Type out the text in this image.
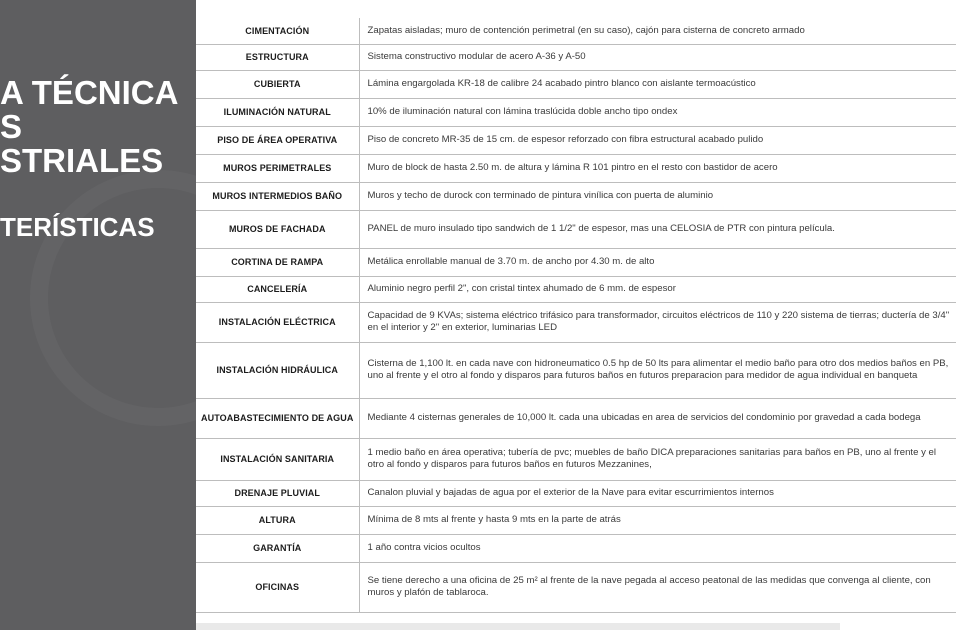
A TÉCNICA
S
STRIALES
TERÍSTICAS
CIMENTACIÓN	Zapatas aisladas; muro de contención perimetral (en su caso), cajón para cisterna de concreto armado
ESTRUCTURA	Sistema constructivo modular de acero A-36 y A-50
CUBIERTA	Lámina engargolada KR-18 de calibre 24 acabado pintro blanco con aislante termoacústico
ILUMINACIÓN NATURAL	10% de iluminación natural con lámina traslúcida doble ancho tipo ondex
PISO DE ÁREA OPERATIVA	Piso de concreto MR-35 de 15 cm. de espesor reforzado con fibra estructural acabado pulido
MUROS PERIMETRALES	Muro de block de hasta 2.50 m. de altura y lámina R 101 pintro en el resto con bastidor de acero
MUROS INTERMEDIOS BAÑO	Muros y techo de durock con terminado de pintura vinílica con puerta de aluminio
MUROS DE FACHADA	PANEL de muro insulado tipo sandwich de 1 1/2" de espesor, mas una CELOSIA de PTR con pintura película.
CORTINA DE RAMPA	Metálica enrollable manual de 3.70 m. de ancho por 4.30 m. de alto
CANCELERÍA	Aluminio negro perfil 2", con cristal tintex ahumado de 6 mm. de espesor
INSTALACIÓN ELÉCTRICA	Capacidad de 9 KVAs; sistema eléctrico trifásico para transformador, circuitos eléctricos de 110 y 220 sistema de tierras; ductería de 3/4" en el interior y 2" en exterior, luminarias LED
INSTALACIÓN HIDRÁULICA	Cisterna de 1,100 lt. en cada nave con hidroneumatico 0.5 hp de 50 lts para alimentar el medio baño para otro dos medios baños en PB, uno al frente y el otro al fondo y disparos para futuros baños en futuros preparacion para medidor de agua individual en banqueta
AUTOABASTECIMIENTO DE AGUA	Mediante 4 cisternas generales de 10,000 lt. cada una ubicadas en area de servicios del condominio por gravedad a cada bodega
INSTALACIÓN SANITARIA	1 medio baño en área operativa; tubería de pvc; muebles de baño DICA preparaciones sanitarias para baños en PB, uno al frente y el otro al fondo y disparos para futuros baños en futuros Mezzanines,
DRENAJE PLUVIAL	Canalon pluvial y bajadas de agua por el exterior de la Nave para evitar escurrimientos internos
ALTURA	Mínima de 8 mts al frente y hasta 9 mts en la parte de atrás
GARANTÍA	1 año contra vicios ocultos
OFICINAS	Se tiene derecho a una oficina de 25 m² al frente de la nave pegada al acceso peatonal de las medidas que convenga al cliente, con muros y plafón de tablaroca.
